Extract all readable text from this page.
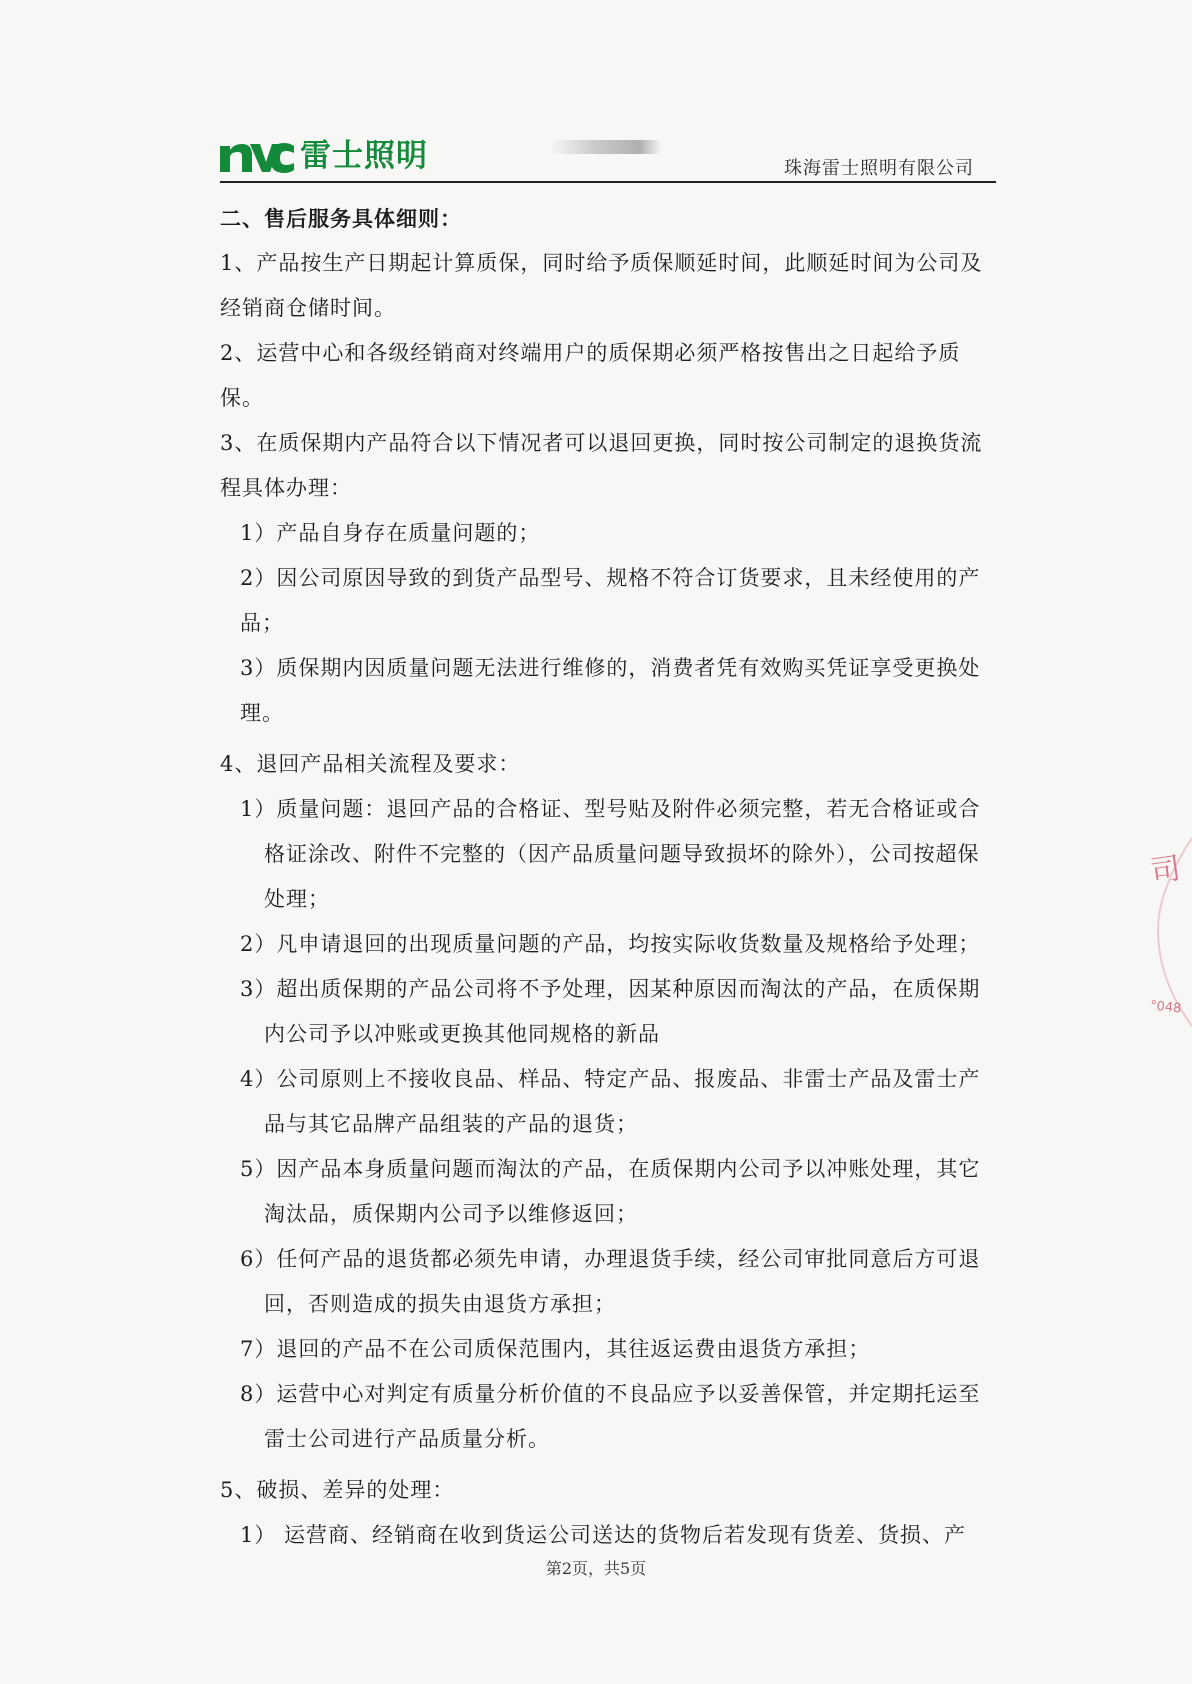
雷士照明	珠海雷士照明有限公司

二、售后服务具体细则：

1、产品按生产日期起计算质保，同时给予质保顺延时间，此顺延时间为公司及经销商仓储时间。

2、运营中心和各级经销商对终端用户的质保期必须严格按售出之日起给予质保。

3、在质保期内产品符合以下情况者可以退回更换，同时按公司制定的退换货流程具体办理：

1）产品自身存在质量问题的；

2）因公司原因导致的到货产品型号、规格不符合订货要求，且未经使用的产品；

3）质保期内因质量问题无法进行维修的，消费者凭有效购买凭证享受更换处理。

4、退回产品相关流程及要求：

1）质量问题：退回产品的合格证、型号贴及附件必须完整，若无合格证或合格证涂改、附件不完整的（因产品质量问题导致损坏的除外），公司按超保处理；

2）凡申请退回的出现质量问题的产品，均按实际收货数量及规格给予处理；

3）超出质保期的产品公司将不予处理，因某种原因而淘汰的产品，在质保期内公司予以冲账或更换其他同规格的新品

4）公司原则上不接收良品、样品、特定产品、报废品、非雷士产品及雷士产品与其它品牌产品组装的产品的退货；

5）因产品本身质量问题而淘汰的产品，在质保期内公司予以冲账处理，其它淘汰品，质保期内公司予以维修返回；

6）任何产品的退货都必须先申请，办理退货手续，经公司审批同意后方可退回，否则造成的损失由退货方承担；

7）退回的产品不在公司质保范围内，其往返运费由退货方承担；

8）运营中心对判定有质量分析价值的不良品应予以妥善保管，并定期托运至雷士公司进行产品质量分析。

5、破损、差异的处理：

1） 运营商、经销商在收到货运公司送达的货物后若发现有货差、货损、产

司
°048
第2页，共5页
